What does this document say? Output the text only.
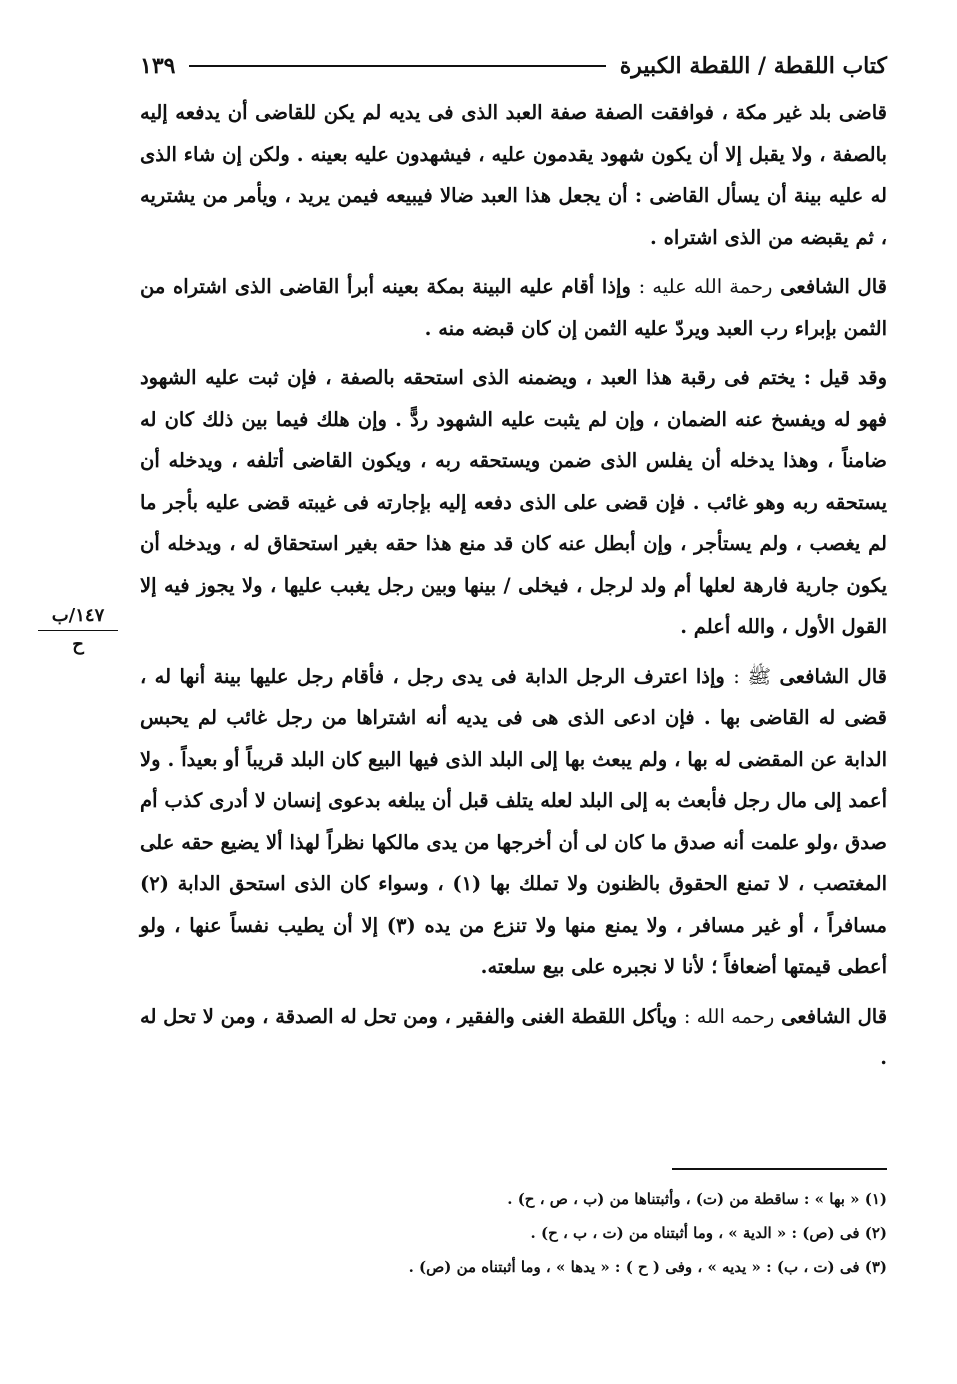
كتاب اللقطة / اللقطة الكبيرة
١٣٩

قاضى بلد غير مكة ، فوافقت الصفة صفة العبد الذى فى يديه لم يكن للقاضى أن يدفعه إليه بالصفة ، ولا يقبل إلا أن يكون شهود يقدمون عليه ، فيشهدون عليه بعينه . ولكن إن شاء الذى له عليه بينة أن يسأل القاضى : أن يجعل هذا العبد ضالا فيبيعه فيمن يريد ، ويأمر من يشتريه ، ثم يقبضه من الذى اشتراه .

قال الشافعى رحمة الله عليه : وإذا أقام عليه البينة بمكة بعينه أبرأ القاضى الذى اشتراه من الثمن بإبراء رب العبد ويردّ عليه الثمن إن كان قبضه منه .

وقد قيل : يختم فى رقبة هذا العبد ، ويضمنه الذى استحقه بالصفة ، فإن ثبت عليه الشهود فهو له ويفسخ عنه الضمان ، وإن لم يثبت عليه الشهود ردًّ . وإن هلك فيما بين ذلك كان له ضامناً ، وهذا يدخله أن يفلس الذى ضمن ويستحقه ربه ، ويكون القاضى أتلفه ، ويدخله أن يستحقه ربه وهو غائب . فإن قضى على الذى دفعه إليه بإجارته فى غيبته قضى عليه بأجر ما لم يغصب ، ولم يستأجر ، وإن أبطل عنه كان قد منع هذا حقه بغير استحقاق له ، ويدخله أن يكون جارية فارهة لعلها أم ولد لرجل ، فيخلى / بينها وبين رجل يغبب عليها ، ولا يجوز فيه إلا القول الأول ، والله أعلم .

قال الشافعى ﷺ : وإذا اعترف الرجل الدابة فى يدى رجل ، فأقام رجل عليها بينة أنها له ، قضى له القاضى بها . فإن ادعى الذى هى فى يديه أنه اشتراها من رجل غائب لم يحبس الدابة عن المقضى له بها ، ولم يبعث بها إلى البلد الذى فيها البيع كان البلد قريباً أو بعيداً . ولا أعمد إلى مال رجل فأبعث به إلى البلد لعله يتلف قبل أن يبلغه بدعوى إنسان لا أدرى كذب أم صدق ،ولو علمت أنه صدق ما كان لى أن أخرجها من يدى مالكها نظراً لهذا ألا يضيع حقه على المغتصب ، لا تمنع الحقوق بالظنون ولا تملك بها (١) ، وسواء كان الذى استحق الدابة (٢) مسافراً ، أو غير مسافر ، ولا يمنع منها ولا تنزع من يده (٣) إلا أن يطيب نفساً عنها ، ولو أعطى قيمتها أضعافاً ؛ لأنا لا نجبره على بيع سلعته.

قال الشافعى رحمه الله : ويأكل اللقطة الغنى والفقير ، ومن تحل له الصدقة ، ومن لا تحل له .

١٤٧/ب
ح

(١) « بها » : ساقطة من (ت) ، وأثبتناها من (ب ، ص ، ح) .

(٢) فى (ص) : « الدية » ، وما أثبتناه من (ت ، ب ، ح) .

(٣) فى (ت ، ب) : « يديه » ، وفى ( ح ) : « يدها » ، وما أثبتناه من (ص) .
